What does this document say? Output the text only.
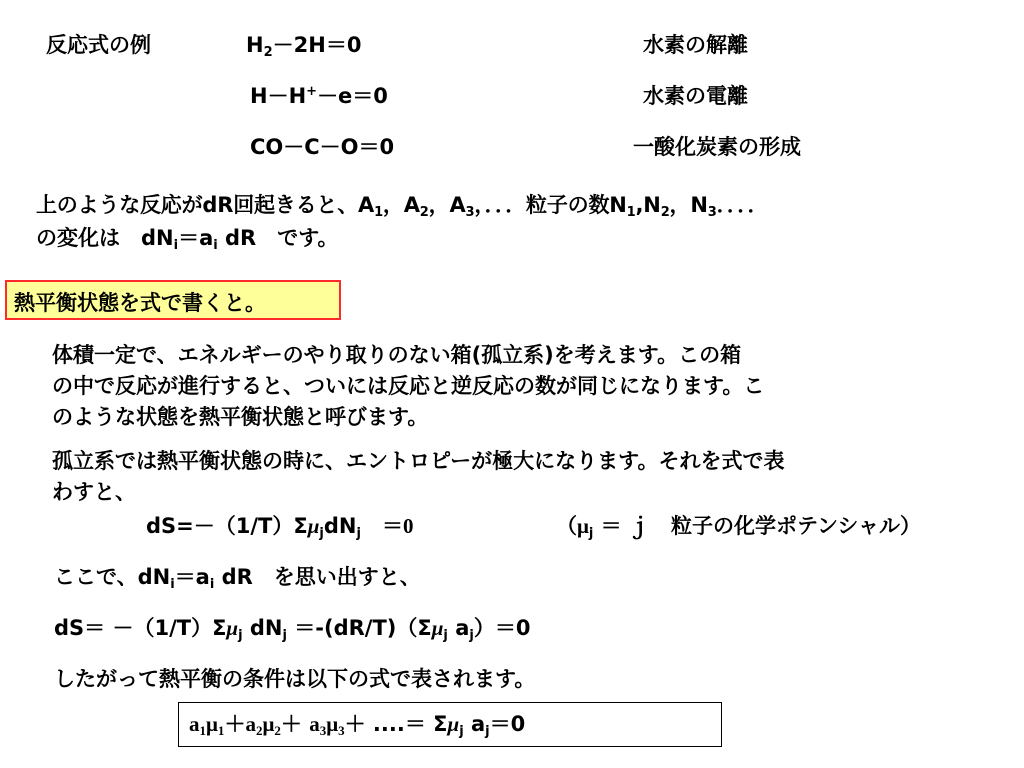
反応式の例	$H_2-2H=0$	水素の解離
H－H+－e＝0	水素の電離
CO－C－O＝0	一酸化炭素の形成
上のような反応がdR回起きると、$A_1$，$A_2$，$A_3$，．．．粒子の数$N_1,N_2$，$N_3$．．．．
の変化は　$dN_i=a_i$ dR　です。
熱平衡状態を式で書くと。
体積一定で、エネルギーのやり取りのない箱(孤立系)を考えます。この箱
の中で反応が進行すると、ついには反応と逆反応の数が同じになります。こ
のような状態を熱平衡状態と呼びます。
孤立系では熱平衡状態の時に、エントロピーが極大になります。それを式で表
わすと、
$dS=-(1/T)\Sigma\mu_jdN_j$　 ＝0	（$\mu_j$ ＝ ｊ　粒子の化学ポテンシャル）
ここで、$dN_i=a_i$ dR　を思い出すと、
$dS= -(1/T)\Sigma\mu_j$ $dN_j =-(dR/T)(\Sigma\mu_j$ $a_j)=0$
したがって熱平衡の条件は以下の式で表されます。
$a_1\mu_1+a_2\mu_2+ a_3\mu_3+$ ....＝ $\Sigma\mu_j$ $a_j=0$
